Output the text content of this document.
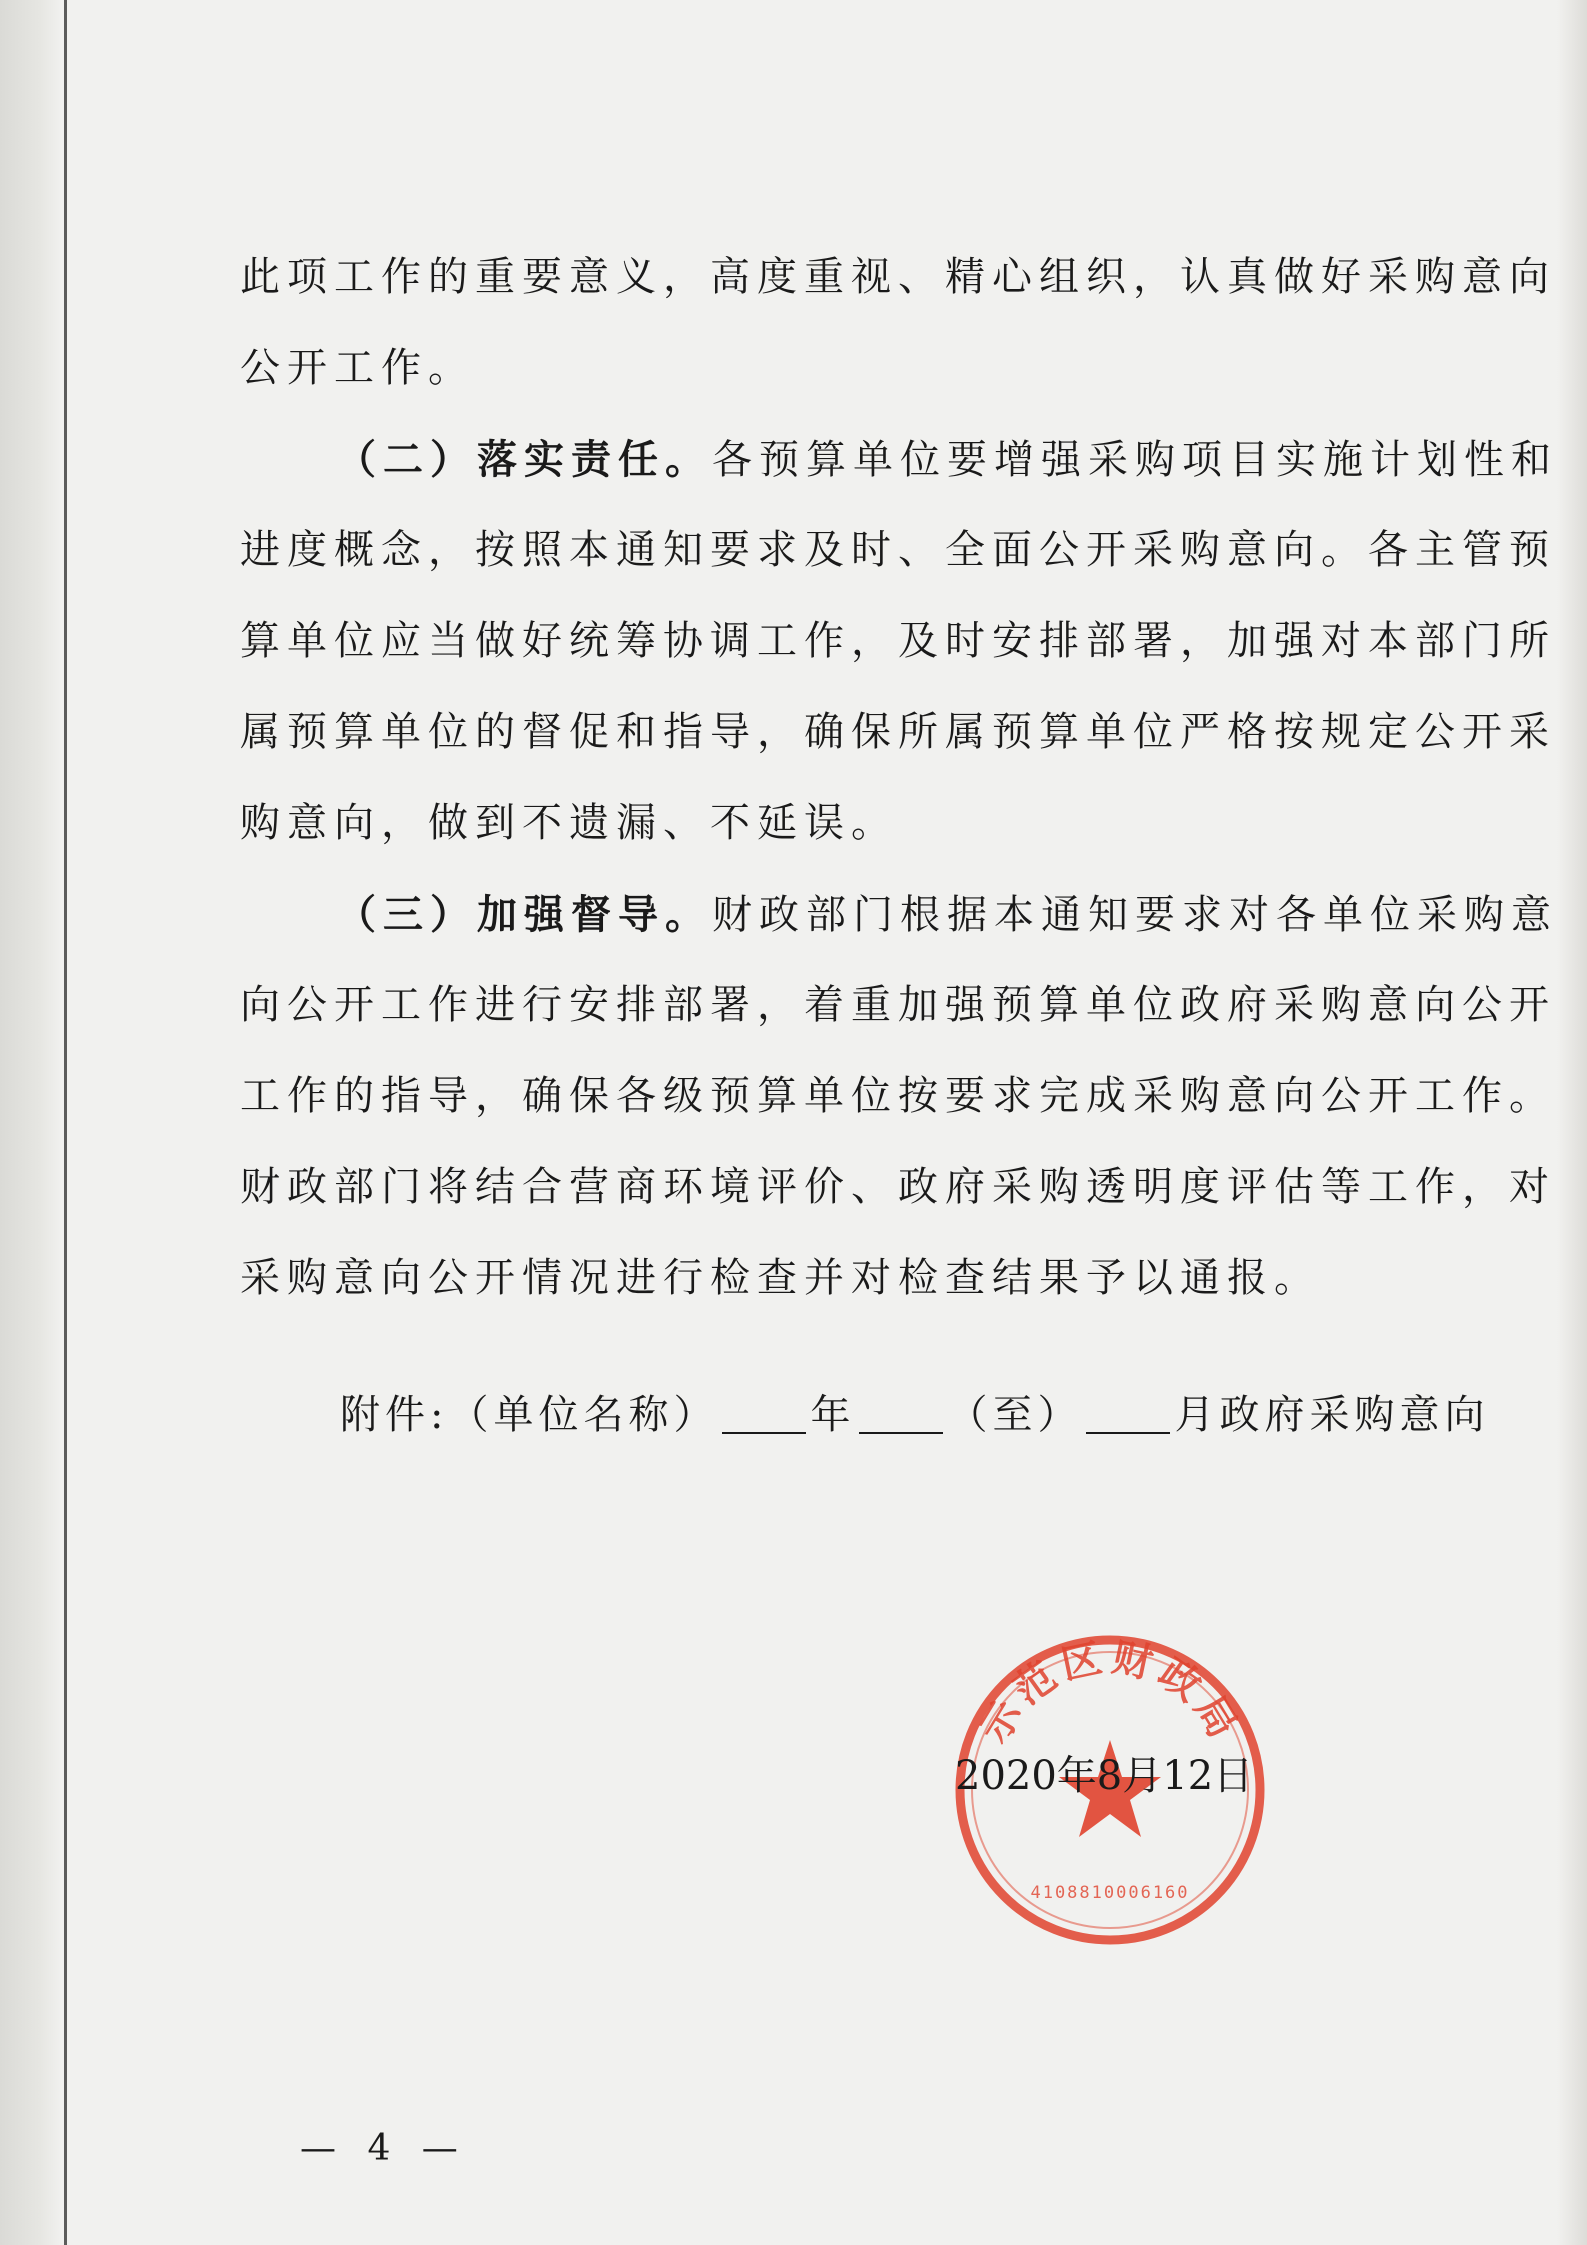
此项工作的重要意义，高度重视、精心组织，认真做好采购意向
公开工作。
（二）落实责任。各预算单位要增强采购项目实施计划性和
进度概念，按照本通知要求及时、全面公开采购意向。各主管预
算单位应当做好统筹协调工作，及时安排部署，加强对本部门所
属预算单位的督促和指导，确保所属预算单位严格按规定公开采
购意向，做到不遗漏、不延误。
（三）加强督导。财政部门根据本通知要求对各单位采购意
向公开工作进行安排部署，着重加强预算单位政府采购意向公开
工作的指导，确保各级预算单位按要求完成采购意向公开工作。
财政部门将结合营商环境评价、政府采购透明度评估等工作，对
采购意向公开情况进行检查并对检查结果予以通报。
附件:（单位名称） 年 （至） 月政府采购意向
示范区财政局
4108810006160
2020年8月12日
— 4 —
